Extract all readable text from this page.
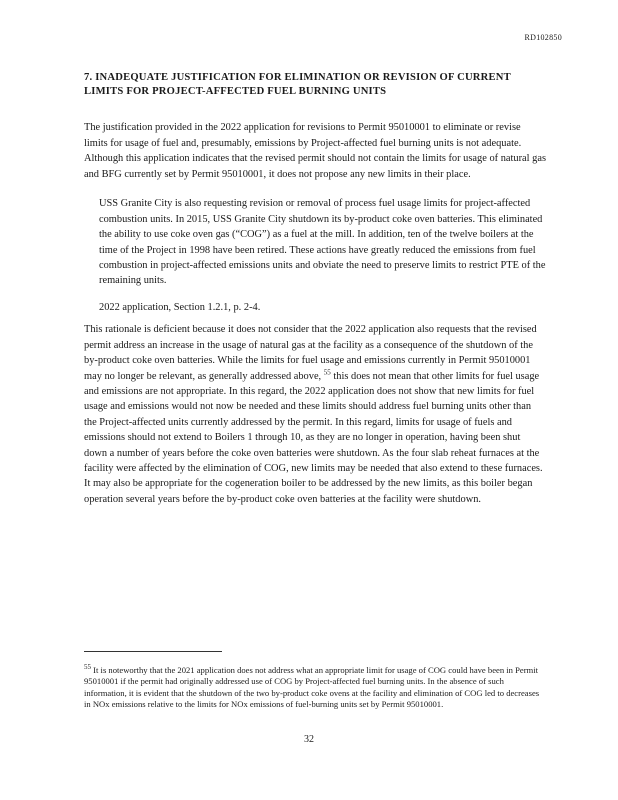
RD102850
7. INADEQUATE JUSTIFICATION FOR ELIMINATION OR REVISION OF CURRENT LIMITS FOR PROJECT-AFFECTED FUEL BURNING UNITS

The justification provided in the 2022 application for revisions to Permit 95010001 to eliminate or revise limits for usage of fuel and, presumably, emissions by Project-affected fuel burning units is not adequate. Although this application indicates that the revised permit should not contain the limits for usage of natural gas and BFG currently set by Permit 95010001, it does not propose any new limits in their place.

USS Granite City is also requesting revision or removal of process fuel usage limits for project-affected combustion units. In 2015, USS Granite City shutdown its by-product coke oven batteries. This eliminated the ability to use coke oven gas (“COG”) as a fuel at the mill. In addition, ten of the twelve boilers at the time of the Project in 1998 have been retired. These actions have greatly reduced the emissions from fuel combustion in project-affected emissions units and obviate the need to preserve limits to restrict PTE of the remaining units.

2022 application, Section 1.2.1, p. 2-4.

This rationale is deficient because it does not consider that the 2022 application also requests that the revised permit address an increase in the usage of natural gas at the facility as a consequence of the shutdown of the by-product coke oven batteries. While the limits for fuel usage and emissions currently in Permit 95010001 may no longer be relevant, as generally addressed above, $^{55}$ this does not mean that other limits for fuel usage and emissions are not appropriate. In this regard, the 2022 application does not show that new limits for fuel usage and emissions would not now be needed and these limits should address fuel burning units other than the Project-affected units currently addressed by the permit. In this regard, limits for usage of fuels and emissions should not extend to Boilers 1 through 10, as they are no longer in operation, having been shut down a number of years before the coke oven batteries were shutdown. As the four slab reheat furnaces at the facility were affected by the elimination of COG, new limits may be needed that also extend to these furnaces. It may also be appropriate for the cogeneration boiler to be addressed by the new limits, as this boiler began operation several years before the by-product coke oven batteries at the facility were shutdown.

$^{55}$ It is noteworthy that the 2021 application does not address what an appropriate limit for usage of COG could have been in Permit 95010001 if the permit had originally addressed use of COG by Project-affected fuel burning units. In the absence of such information, it is evident that the shutdown of the two by-product coke ovens at the facility and elimination of COG led to decreases in NOx emissions relative to the limits for NOx emissions of fuel-burning units set by Permit 95010001.

32
